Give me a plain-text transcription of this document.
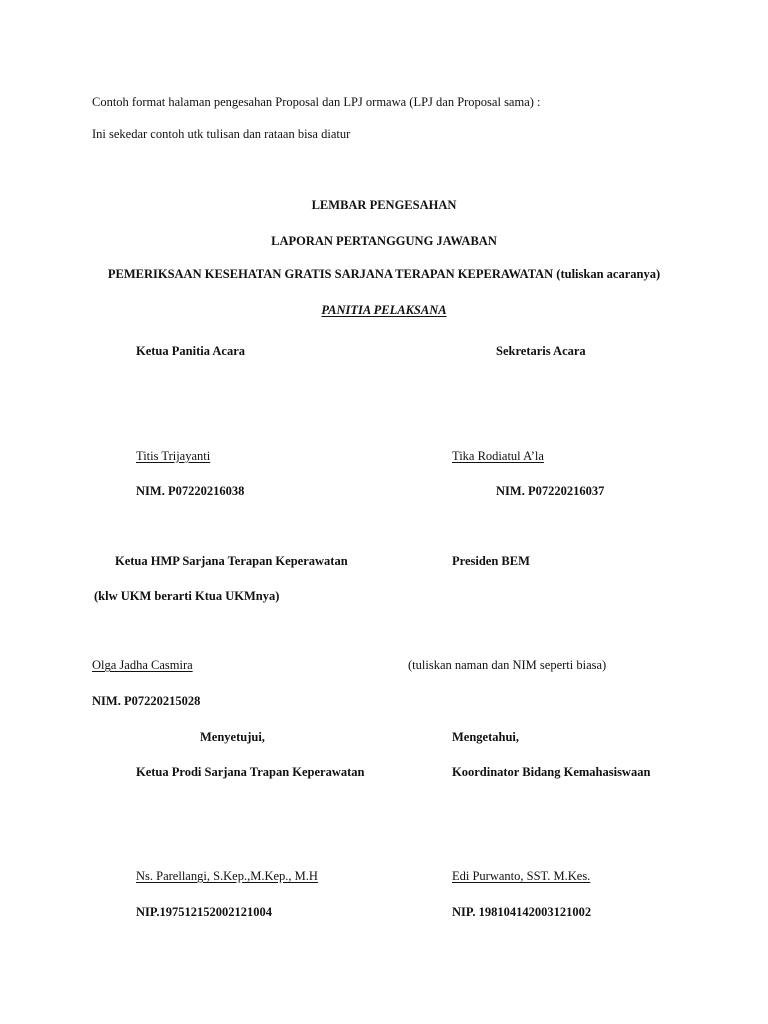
Contoh format halaman pengesahan Proposal dan LPJ ormawa (LPJ dan Proposal sama) :
Ini sekedar contoh utk tulisan dan rataan bisa diatur
LEMBAR PENGESAHAN
LAPORAN PERTANGGUNG JAWABAN
PEMERIKSAAN KESEHATAN GRATIS SARJANA TERAPAN KEPERAWATAN (tuliskan acaranya)
PANITIA PELAKSANA
Ketua Panitia Acara	Sekretaris Acara
Titis Trijayanti	Tika Rodiatul A’la
NIM. P07220216038	NIM. P07220216037
Ketua HMP Sarjana Terapan Keperawatan	Presiden BEM
(klw UKM berarti Ktua UKMnya)
Olga Jadha Casmira	(tuliskan naman dan NIM seperti biasa)
NIM. P07220215028
Menyetujui,	Mengetahui,
Ketua Prodi Sarjana Trapan Keperawatan	Koordinator Bidang Kemahasiswaan
Ns. Parellangi, S.Kep.,M.Kep., M.H	Edi Purwanto, SST. M.Kes.
NIP.197512152002121004	NIP. 198104142003121002
